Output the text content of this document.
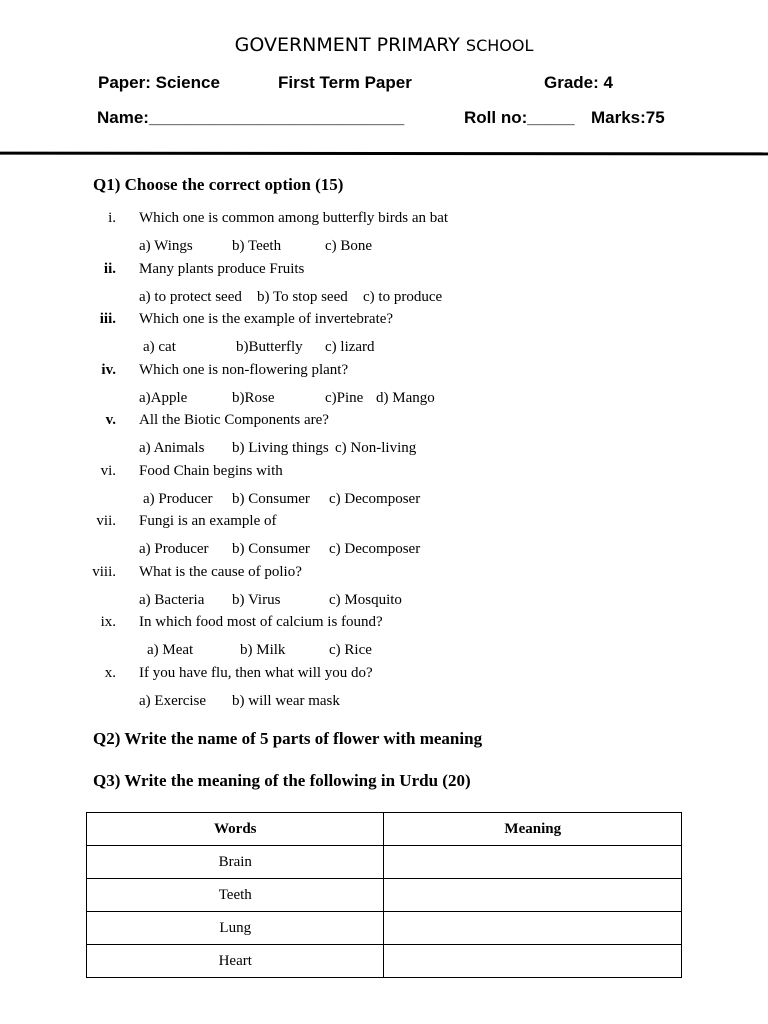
GOVERNMENT PRIMARY SCHOOL
Paper: Science	First Term Paper	Grade: 4
Name:___________________________	Roll no:_____ Marks:75
Q1) Choose the correct option (15)
i. Which one is common among butterfly birds an bat
a) Wings	b) Teeth	c) Bone
ii. Many plants produce Fruits
a) to protect seed b) To stop seed c) to produce
iii. Which one is the example of invertebrate?
a) cat	b)Butterfly c) lizard
iv. Which one is non-flowering plant?
a)Apple	b)Rose	c)Pine d) Mango
v. All the Biotic Components are?
a) Animals b) Living things c) Non-living
vi. Food Chain begins with
a) Producer b) Consumer c) Decomposer
vii. Fungi is an example of
a) Producer b) Consumer c) Decomposer
viii. What is the cause of polio?
a) Bacteria b) Virus	c) Mosquito
ix. In which food most of calcium is found?
a) Meat	b) Milk	c) Rice
x. If you have flu, then what will you do?
a) Exercise b) will wear mask
Q2) Write the name of 5 parts of flower with meaning
Q3) Write the meaning of the following in Urdu (20)
Words	Meaning
Brain	
Teeth	
Lung	
Heart	
